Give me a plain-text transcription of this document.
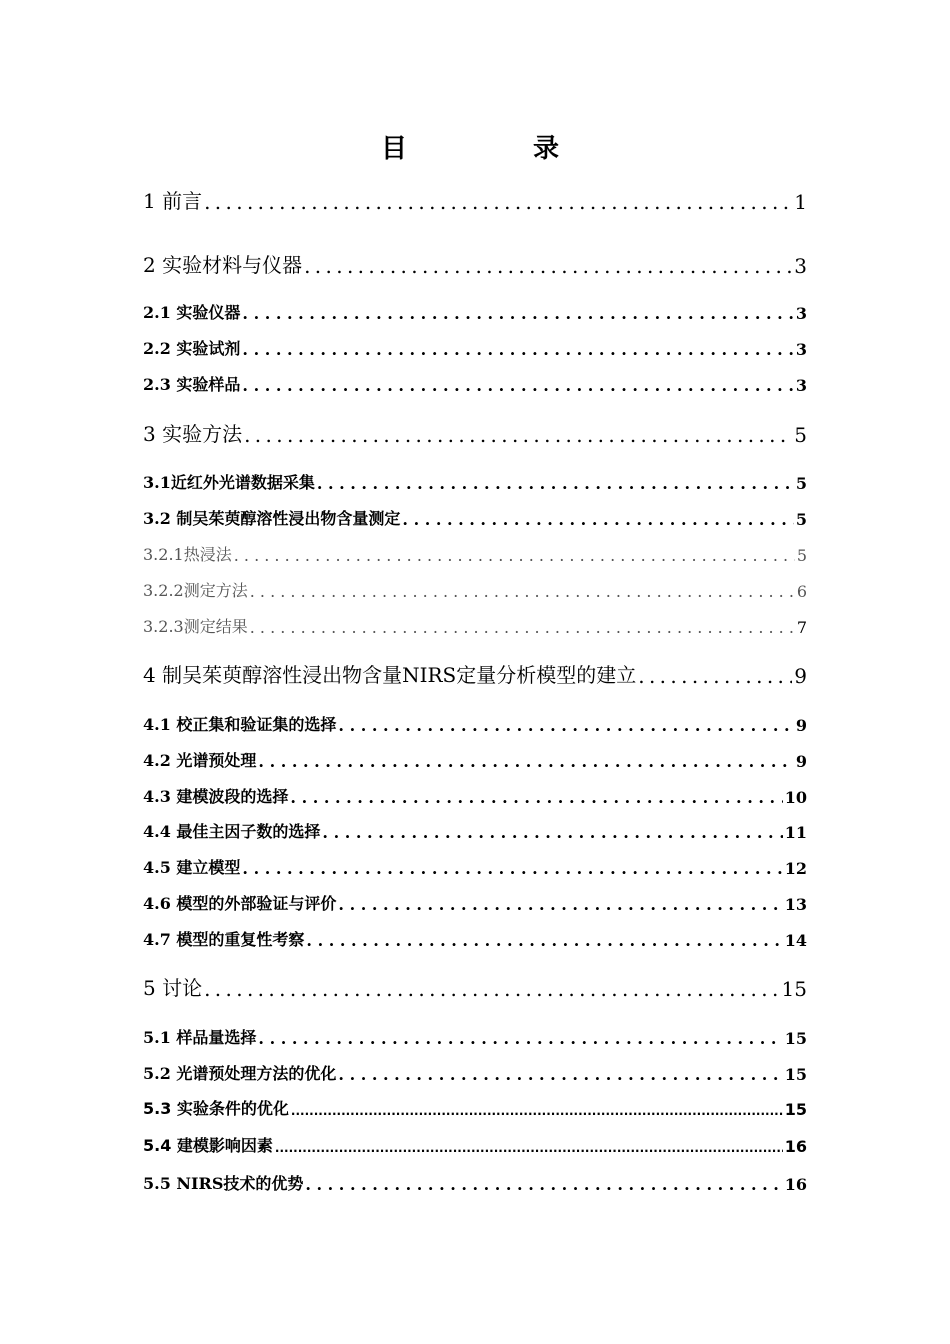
目　录
1 前言 . . .	1
2 实验材料与仪器 . . .	3
2.1 实验仪器 . . .	3
2.2 实验试剂 . . .	3
2.3 实验样品 . . .	3
3 实验方法 . . .	5
3.1近红外光谱数据采集 . . .	5
3.2 制吴茱萸醇溶性浸出物含量测定 . . .	5
3.2.1热浸法 . . .	5
3.2.2测定方法 . . .	6
3.2.3测定结果 . . .	7
4 制吴茱萸醇溶性浸出物含量NIRS定量分析模型的建立 . . .	9
4.1 校正集和验证集的选择 . . .	9
4.2 光谱预处理 . . .	9
4.3 建模波段的选择 . . .	10
4.4 最佳主因子数的选择 . . .	11
4.5 建立模型 . . .	12
4.6 模型的外部验证与评价 . . .	13
4.7 模型的重复性考察 . . .	14
5 讨论 . . .	15
5.1 样品量选择 . . .	15
5.2 光谱预处理方法的优化 . . .	15
5.3 实验条件的优化 .....	15
5.4 建模影响因素 .....	16
5.5 NIRS技术的优势 . . .	16
